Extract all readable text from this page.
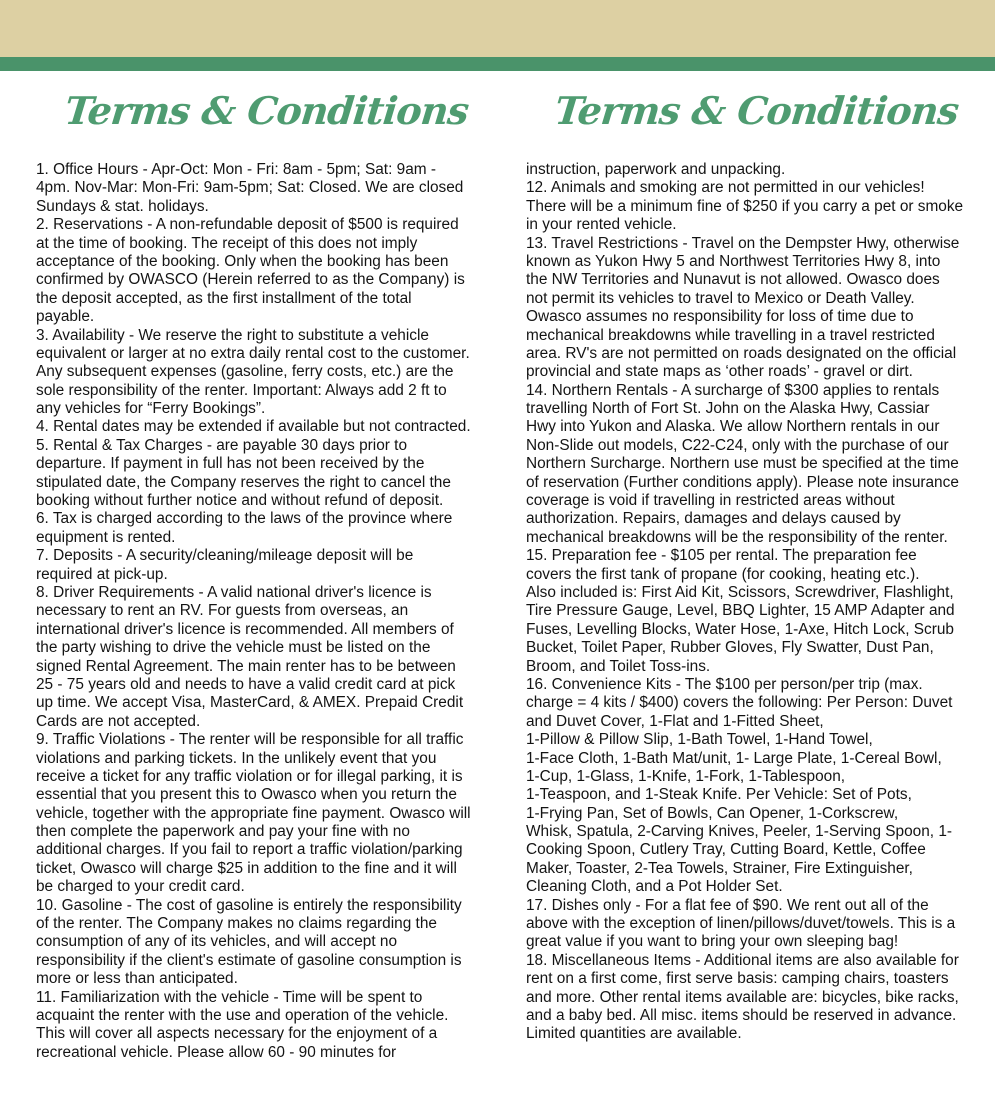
Terms & Conditions
1. Office Hours - Apr-Oct: Mon - Fri: 8am - 5pm; Sat: 9am -
4pm. Nov-Mar: Mon-Fri: 9am-5pm; Sat: Closed. We are closed
Sundays & stat. holidays.
2. Reservations - A non-refundable deposit of $500 is required
at the time of booking. The receipt of this does not imply
acceptance of the booking. Only when the booking has been
confirmed by OWASCO (Herein referred to as the Company) is
the deposit accepted, as the first installment of the total
payable.
3. Availability - We reserve the right to substitute a vehicle
equivalent or larger at no extra daily rental cost to the customer.
Any subsequent expenses (gasoline, ferry costs, etc.) are the
sole responsibility of the renter. Important: Always add 2 ft to
any vehicles for “Ferry Bookings”.
4. Rental dates may be extended if available but not contracted.
5. Rental & Tax Charges - are payable 30 days prior to
departure. If payment in full has not been received by the
stipulated date, the Company reserves the right to cancel the
booking without further notice and without refund of deposit.
6. Tax is charged according to the laws of the province where
equipment is rented.
7. Deposits - A security/cleaning/mileage deposit will be
required at pick-up.
8. Driver Requirements - A valid national driver's licence is
necessary to rent an RV. For guests from overseas, an
international driver's licence is recommended. All members of
the party wishing to drive the vehicle must be listed on the
signed Rental Agreement. The main renter has to be between
25 - 75 years old and needs to have a valid credit card at pick
up time. We accept Visa, MasterCard, & AMEX. Prepaid Credit
Cards are not accepted.
9. Traffic Violations - The renter will be responsible for all traffic
violations and parking tickets. In the unlikely event that you
receive a ticket for any traffic violation or for illegal parking, it is
essential that you present this to Owasco when you return the
vehicle, together with the appropriate fine payment. Owasco will
then complete the paperwork and pay your fine with no
additional charges. If you fail to report a traffic violation/parking
ticket, Owasco will charge $25 in addition to the fine and it will
be charged to your credit card.
10. Gasoline - The cost of gasoline is entirely the responsibility
of the renter. The Company makes no claims regarding the
consumption of any of its vehicles, and will accept no
responsibility if the client's estimate of gasoline consumption is
more or less than anticipated.
11. Familiarization with the vehicle - Time will be spent to
acquaint the renter with the use and operation of the vehicle.
This will cover all aspects necessary for the enjoyment of a
recreational vehicle. Please allow 60 - 90 minutes for
Terms & Conditions
instruction, paperwork and unpacking.
12. Animals and smoking are not permitted in our vehicles!
There will be a minimum fine of $250 if you carry a pet or smoke
in your rented vehicle.
13. Travel Restrictions - Travel on the Dempster Hwy, otherwise
known as Yukon Hwy 5 and Northwest Territories Hwy 8, into
the NW Territories and Nunavut is not allowed. Owasco does
not permit its vehicles to travel to Mexico or Death Valley.
Owasco assumes no responsibility for loss of time due to
mechanical breakdowns while travelling in a travel restricted
area. RV's are not permitted on roads designated on the official
provincial and state maps as ‘other roads’ - gravel or dirt.
14. Northern Rentals - A surcharge of $300 applies to rentals
travelling North of Fort St. John on the Alaska Hwy, Cassiar
Hwy into Yukon and Alaska. We allow Northern rentals in our
Non-Slide out models, C22-C24, only with the purchase of our
Northern Surcharge. Northern use must be specified at the time
of reservation (Further conditions apply). Please note insurance
coverage is void if travelling in restricted areas without
authorization. Repairs, damages and delays caused by
mechanical breakdowns will be the responsibility of the renter.
15. Preparation fee - $105 per rental. The preparation fee
covers the first tank of propane (for cooking, heating etc.).
Also included is: First Aid Kit, Scissors, Screwdriver, Flashlight,
Tire Pressure Gauge, Level, BBQ Lighter, 15 AMP Adapter and
Fuses, Levelling Blocks, Water Hose, 1-Axe, Hitch Lock, Scrub
Bucket, Toilet Paper, Rubber Gloves, Fly Swatter, Dust Pan,
Broom, and Toilet Toss-ins.
16. Convenience Kits - The $100 per person/per trip (max.
charge = 4 kits / $400) covers the following: Per Person: Duvet
and Duvet Cover, 1-Flat and 1-Fitted Sheet,
1-Pillow & Pillow Slip, 1-Bath Towel, 1-Hand Towel,
1-Face Cloth, 1-Bath Mat/unit, 1- Large Plate, 1-Cereal Bowl,
1-Cup, 1-Glass, 1-Knife, 1-Fork, 1-Tablespoon,
1-Teaspoon, and 1-Steak Knife. Per Vehicle: Set of Pots,
1-Frying Pan, Set of Bowls, Can Opener, 1-Corkscrew,
Whisk, Spatula, 2-Carving Knives, Peeler, 1-Serving Spoon, 1-
Cooking Spoon, Cutlery Tray, Cutting Board, Kettle, Coffee
Maker, Toaster, 2-Tea Towels, Strainer, Fire Extinguisher,
Cleaning Cloth, and a Pot Holder Set.
17. Dishes only - For a flat fee of $90. We rent out all of the
above with the exception of linen/pillows/duvet/towels. This is a
great value if you want to bring your own sleeping bag!
18. Miscellaneous Items - Additional items are also available for
rent on a first come, first serve basis: camping chairs, toasters
and more. Other rental items available are: bicycles, bike racks,
and a baby bed. All misc. items should be reserved in advance.
Limited quantities are available.
